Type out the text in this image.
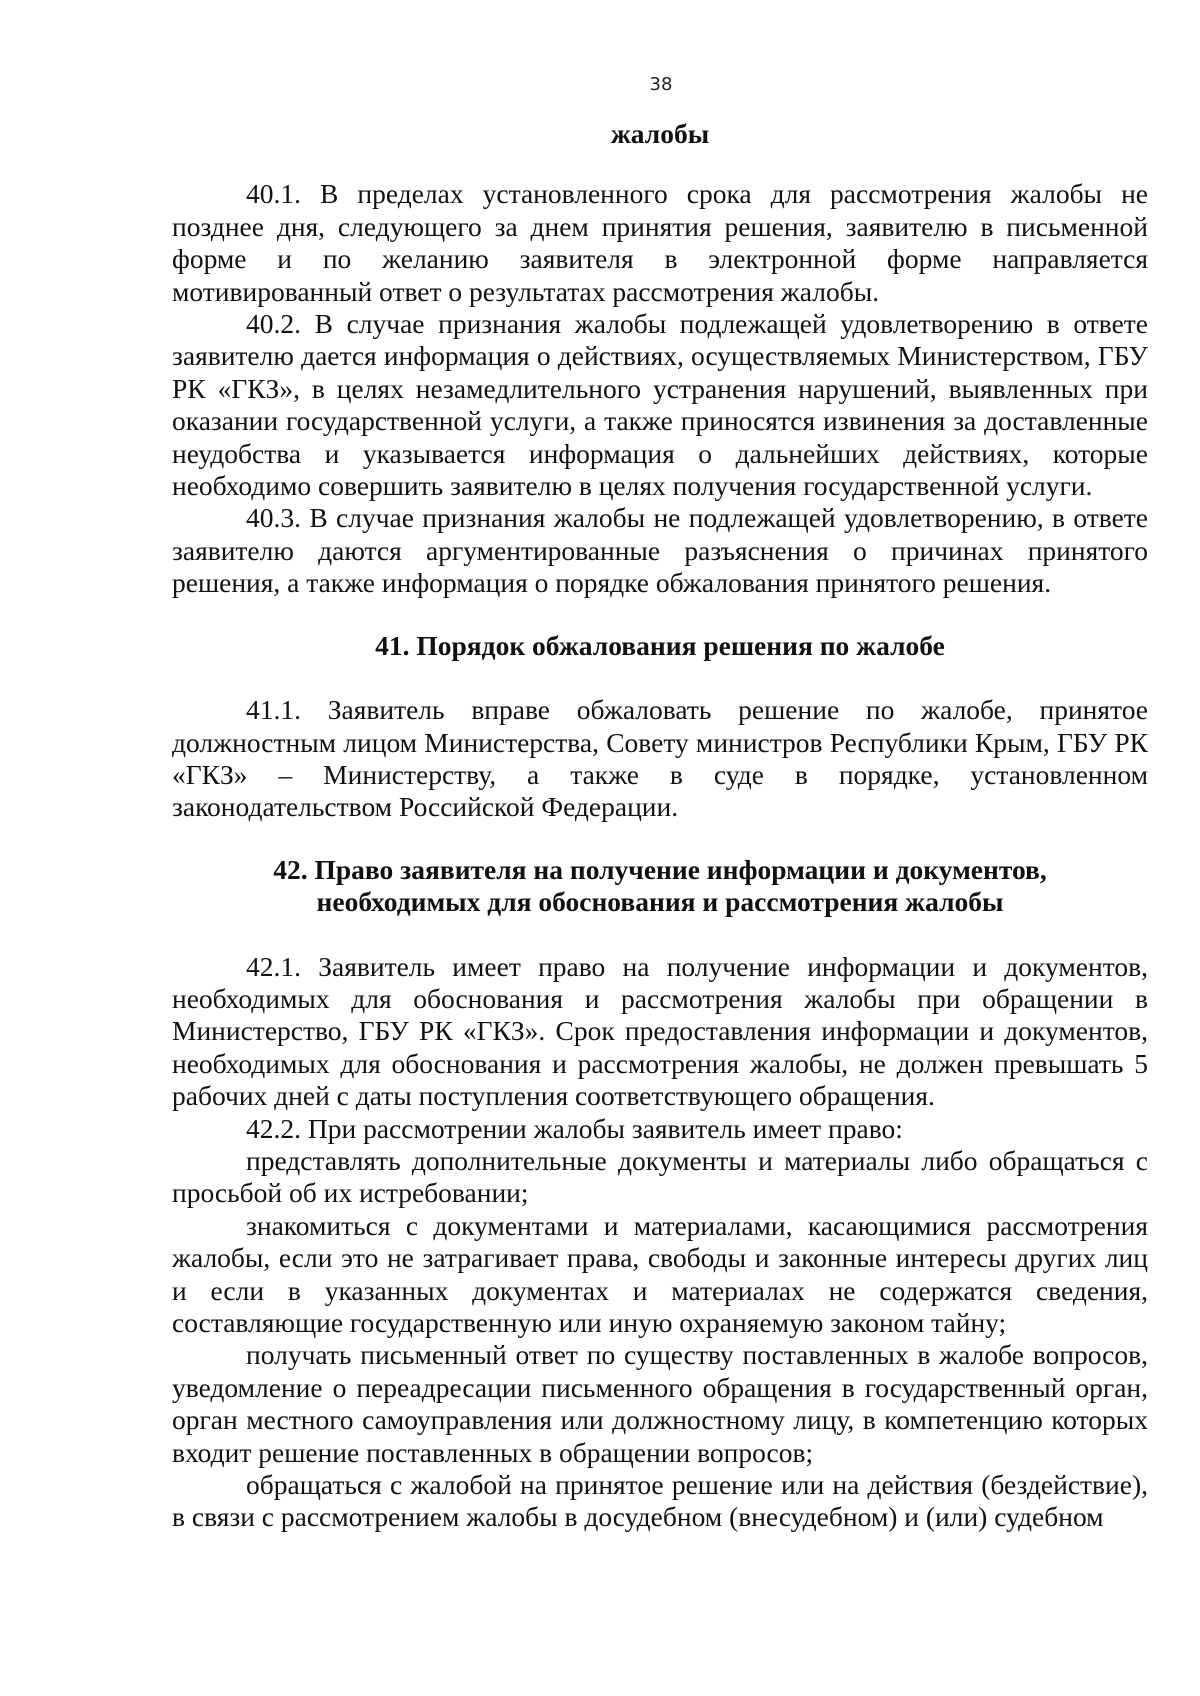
38

жалобы

40.1. В пределах установленного срока для рассмотрения жалобы не позднее дня, следующего за днем принятия решения, заявителю в письменной форме и по желанию заявителя в электронной форме направляется мотивированный ответ о результатах рассмотрения жалобы.

40.2. В случае признания жалобы подлежащей удовлетворению в ответе заявителю дается информация о действиях, осуществляемых Министерством, ГБУ РК «ГКЗ», в целях незамедлительного устранения нарушений, выявленных при оказании государственной услуги, а также приносятся извинения за доставленные неудобства и указывается информация о дальнейших действиях, которые необходимо совершить заявителю в целях получения государственной услуги.

40.3. В случае признания жалобы не подлежащей удовлетворению, в ответе заявителю даются аргументированные разъяснения о причинах принятого решения, а также информация о порядке обжалования принятого решения.

41. Порядок обжалования решения по жалобе

41.1. Заявитель вправе обжаловать решение по жалобе, принятое должностным лицом Министерства, Совету министров Республики Крым, ГБУ РК «ГКЗ» – Министерству, а также в суде в порядке, установленном законодательством Российской Федерации.

42. Право заявителя на получение информации и документов,
необходимых для обоснования и рассмотрения жалобы

42.1. Заявитель имеет право на получение информации и документов, необходимых для обоснования и рассмотрения жалобы при обращении в Министерство, ГБУ РК «ГКЗ». Срок предоставления информации и документов, необходимых для обоснования и рассмотрения жалобы, не должен превышать 5 рабочих дней с даты поступления соответствующего обращения.

42.2. При рассмотрении жалобы заявитель имеет право:

представлять дополнительные документы и материалы либо обращаться с просьбой об их истребовании;

знакомиться с документами и материалами, касающимися рассмотрения жалобы, если это не затрагивает права, свободы и законные интересы других лиц и если в указанных документах и материалах не содержатся сведения, составляющие государственную или иную охраняемую законом тайну;

получать письменный ответ по существу поставленных в жалобе вопросов, уведомление о переадресации письменного обращения в государственный орган, орган местного самоуправления или должностному лицу, в компетенцию которых входит решение поставленных в обращении вопросов;

обращаться с жалобой на принятое решение или на действия (бездействие), в связи с рассмотрением жалобы в досудебном (внесудебном) и (или) судебном
